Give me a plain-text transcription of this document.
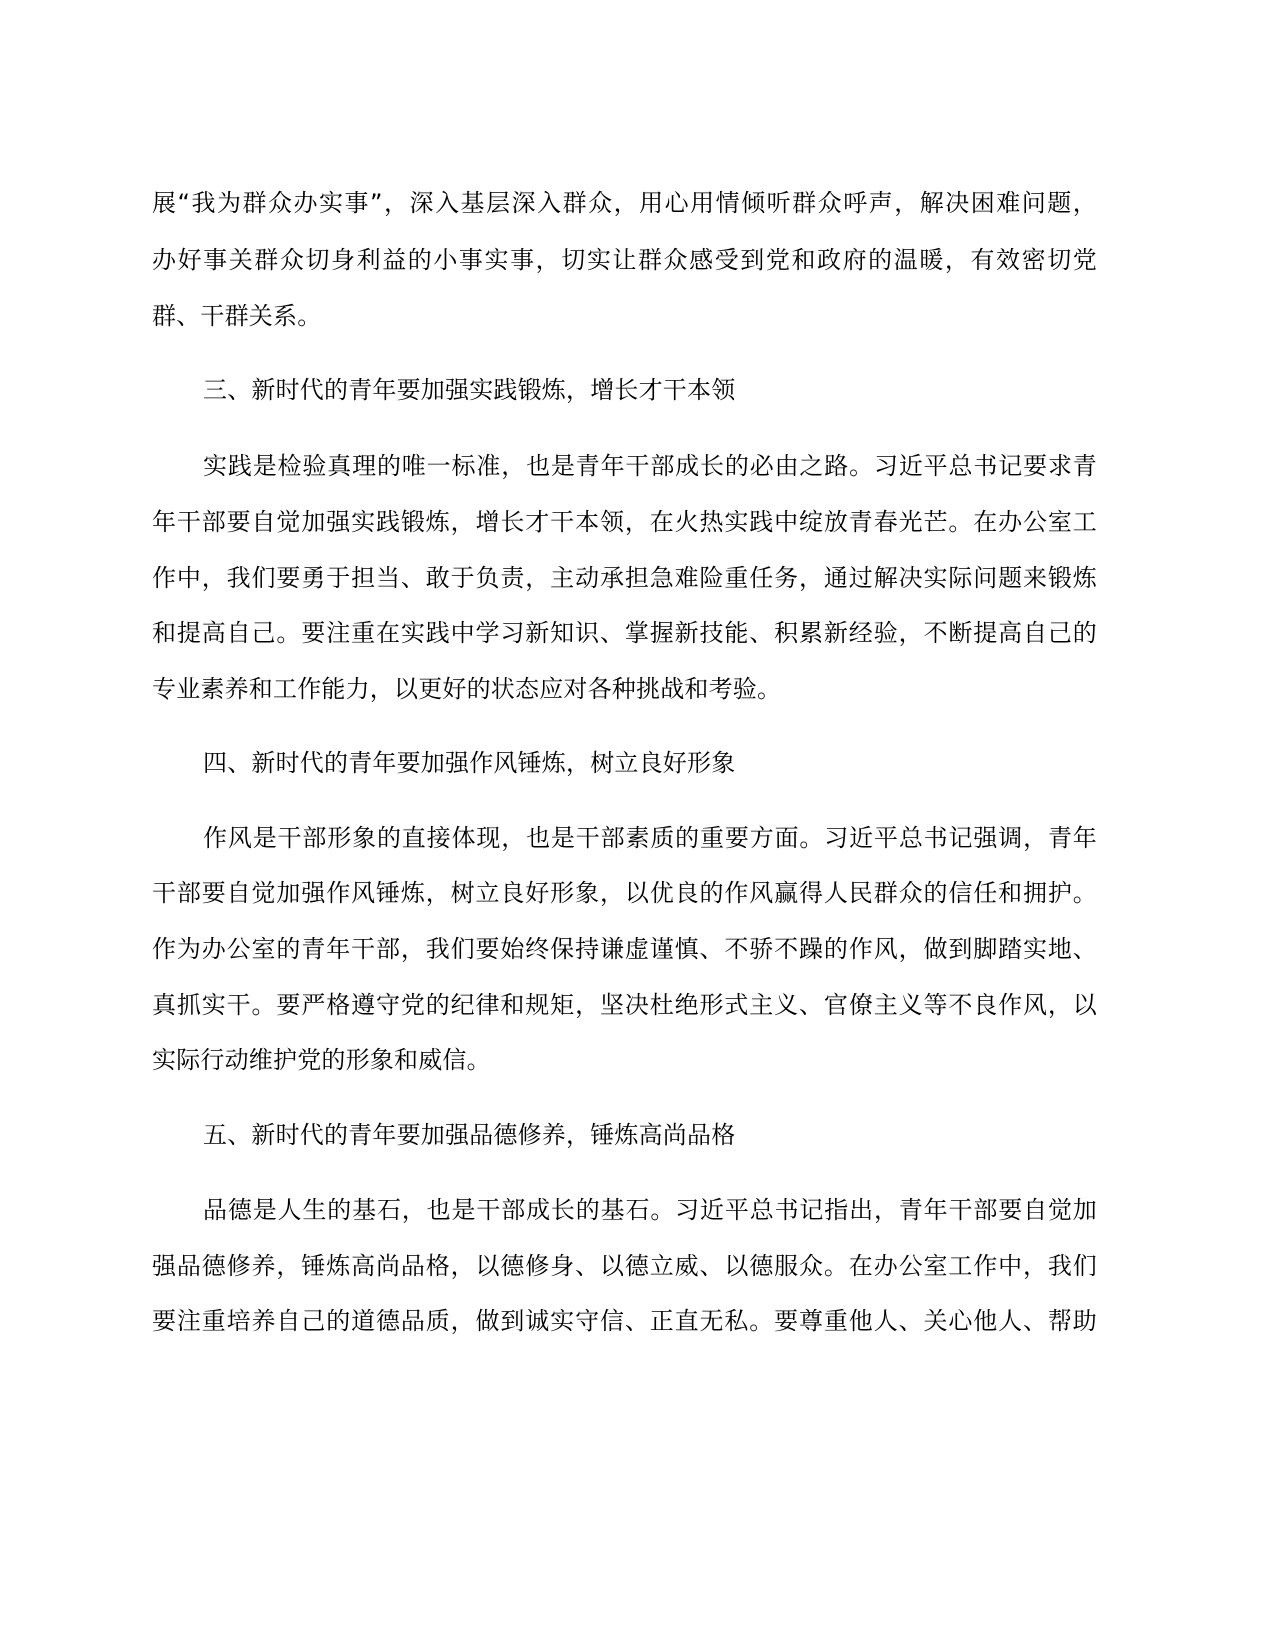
展“我为群众办实事”，深入基层深入群众，用心用情倾听群众呼声，解决困难问题，
办好事关群众切身利益的小事实事，切实让群众感受到党和政府的温暖，有效密切党
群、干群关系。
三、新时代的青年要加强实践锻炼，增长才干本领
实践是检验真理的唯一标准，也是青年干部成长的必由之路。习近平总书记要求青
年干部要自觉加强实践锻炼，增长才干本领，在火热实践中绽放青春光芒。在办公室工
作中，我们要勇于担当、敢于负责，主动承担急难险重任务，通过解决实际问题来锻炼
和提高自己。要注重在实践中学习新知识、掌握新技能、积累新经验，不断提高自己的
专业素养和工作能力，以更好的状态应对各种挑战和考验。
四、新时代的青年要加强作风锤炼，树立良好形象
作风是干部形象的直接体现，也是干部素质的重要方面。习近平总书记强调，青年
干部要自觉加强作风锤炼，树立良好形象，以优良的作风赢得人民群众的信任和拥护。
作为办公室的青年干部，我们要始终保持谦虚谨慎、不骄不躁的作风，做到脚踏实地、
真抓实干。要严格遵守党的纪律和规矩，坚决杜绝形式主义、官僚主义等不良作风，以
实际行动维护党的形象和威信。
五、新时代的青年要加强品德修养，锤炼高尚品格
品德是人生的基石，也是干部成长的基石。习近平总书记指出，青年干部要自觉加
强品德修养，锤炼高尚品格，以德修身、以德立威、以德服众。在办公室工作中，我们
要注重培养自己的道德品质，做到诚实守信、正直无私。要尊重他人、关心他人、帮助
